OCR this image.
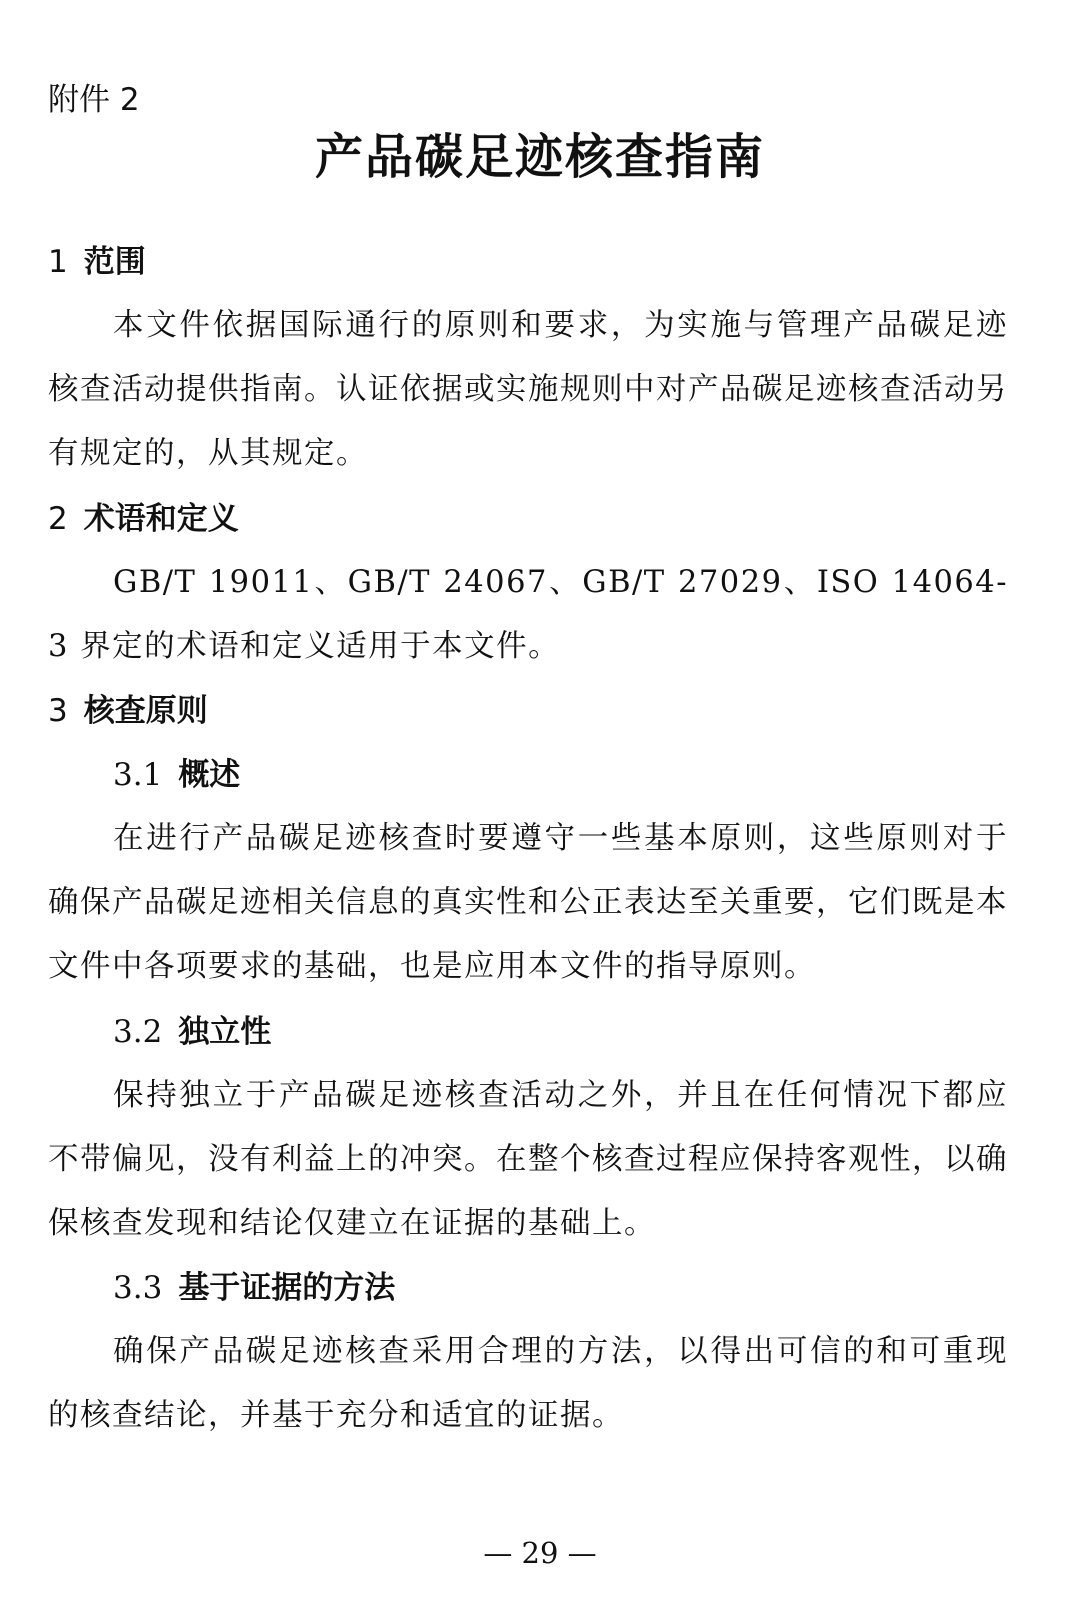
附件 2

产品碳足迹核查指南
1 范围

本文件依据国际通行的原则和要求，为实施与管理产品碳足迹核查活动提供指南。认证依据或实施规则中对产品碳足迹核查活动另有规定的，从其规定。

2 术语和定义

GB/T 19011、GB/T 24067、GB/T 27029、ISO 14064-3 界定的术语和定义适用于本文件。

3 核查原则
3.1 概述

在进行产品碳足迹核查时要遵守一些基本原则，这些原则对于确保产品碳足迹相关信息的真实性和公正表达至关重要，它们既是本文件中各项要求的基础，也是应用本文件的指导原则。

3.2 独立性

保持独立于产品碳足迹核查活动之外，并且在任何情况下都应不带偏见，没有利益上的冲突。在整个核查过程应保持客观性，以确保核查发现和结论仅建立在证据的基础上。

3.3 基于证据的方法

确保产品碳足迹核查采用合理的方法，以得出可信的和可重现的核查结论，并基于充分和适宜的证据。

— 29 —
